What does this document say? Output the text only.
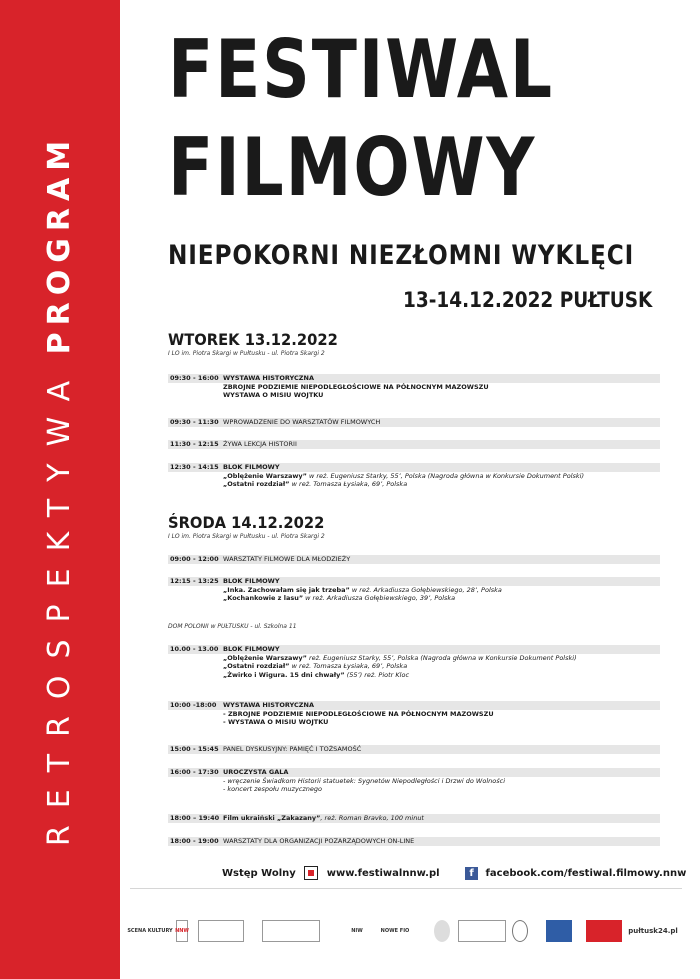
RETROSPEKTYWA PROGRAM
FESTIWAL
FILMOWY
NIEPOKORNI NIEZŁOMNI WYKLĘCI
13-14.12.2022 PUŁTUSK
WTOREK 13.12.2022
I LO im. Piotra Skargi w Pułtusku - ul. Piotra Skargi 2
09:30 - 16:00 WYSTAWA HISTORYCZNA
ZBROJNE PODZIEMIE NIEPODLEGŁOŚCIOWE NA PÓŁNOCNYM MAZOWSZU
WYSTAWA O MISIU WOJTKU
09:30 - 11:30 WPROWADZENIE DO WARSZTATÓW FILMOWYCH
11:30 - 12:15 ŻYWA LEKCJA HISTORII
12:30 - 14:15 BLOK FILMOWY
„Oblężenie Warszawy” w reż. Eugeniusz Starky, 55’, Polska (Nagroda główna w Konkursie Dokument Polski)
„Ostatni rozdział” w reż. Tomasza Łysiaka, 69’, Polska
ŚRODA 14.12.2022
I LO im. Piotra Skargi w Pułtusku - ul. Piotra Skargi 2
09:00 - 12:00 WARSZTATY FILMOWE DLA MŁODZIEŻY
12:15 - 13:25 BLOK FILMOWY
„Inka. Zachowałam się jak trzeba” w reż. Arkadiusza Gołębiewskiego, 28’, Polska
„Kochankowie z lasu” w reż. Arkadiusza Gołębiewskiego, 39’, Polska
DOM POLONII w PUŁTUSKU - ul. Szkolna 11
10.00 - 13.00 BLOK FILMOWY
„Oblężenie Warszawy” reż. Eugeniusz Starky, 55’, Polska (Nagroda główna w Konkursie Dokument Polski)
„Ostatni rozdział” w reż. Tomasza Łysiaka, 69’, Polska
„Żwirko i Wigura. 15 dni chwały” (55’) reż. Piotr Kloc
10:00 -18:00 WYSTAWA HISTORYCZNA
- ZBROJNE PODZIEMIE NIEPODLEGŁOŚCIOWE NA PÓŁNOCNYM MAZOWSZU
- WYSTAWA O MISIU WOJTKU
15:00 - 15:45 PANEL DYSKUSYJNY: PAMIĘĆ I TOŻSAMOŚĆ
16:00 - 17:30 UROCZYSTA GALA
- wręczenie Świadkom Historii statuetek: Sygnetów Niepodległości i Drzwi do Wolności
- koncert zespołu muzycznego
18:00 – 19:40 Film ukraiński „Zakazany”, reż. Roman Bravko, 100 minut
18:00 - 19:00 WARSZTATY DLA ORGANIZACJI POZARZĄDOWYCH ON-LINE
Wstęp Wolny	www.festiwalnnw.pl	f facebook.com/festiwal.filmowy.nnw
SCENA KULTURY NNW	NIW	NOWE FIO	pułtusk24.pl
